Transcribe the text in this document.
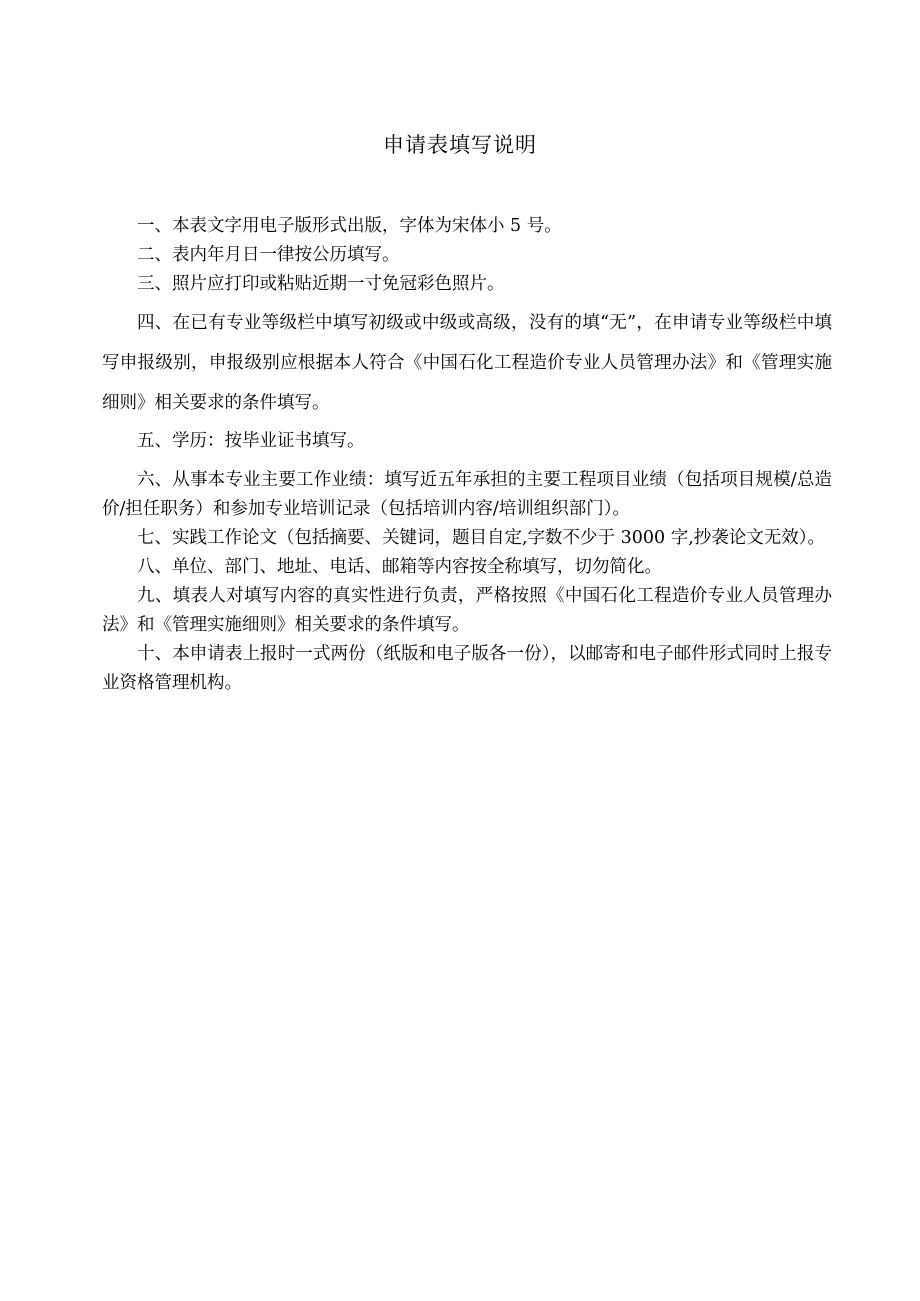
申请表填写说明

一、本表文字用电子版形式出版，字体为宋体小 5 号。

二、表内年月日一律按公历填写。

三、照片应打印或粘贴近期一寸免冠彩色照片。

四、在已有专业等级栏中填写初级或中级或高级，没有的填“无”，在申请专业等级栏中填写申报级别，申报级别应根据本人符合《中国石化工程造价专业人员管理办法》和《管理实施细则》相关要求的条件填写。

五、学历：按毕业证书填写。

六、从事本专业主要工作业绩：填写近五年承担的主要工程项目业绩（包括项目规模/总造价/担任职务）和参加专业培训记录（包括培训内容/培训组织部门）。

七、实践工作论文（包括摘要、关键词，题目自定,字数不少于 3000 字,抄袭论文无效）。

八、单位、部门、地址、电话、邮箱等内容按全称填写，切勿简化。

九、填表人对填写内容的真实性进行负责，严格按照《中国石化工程造价专业人员管理办法》和《管理实施细则》相关要求的条件填写。

十、本申请表上报时一式两份（纸版和电子版各一份），以邮寄和电子邮件形式同时上报专业资格管理机构。
